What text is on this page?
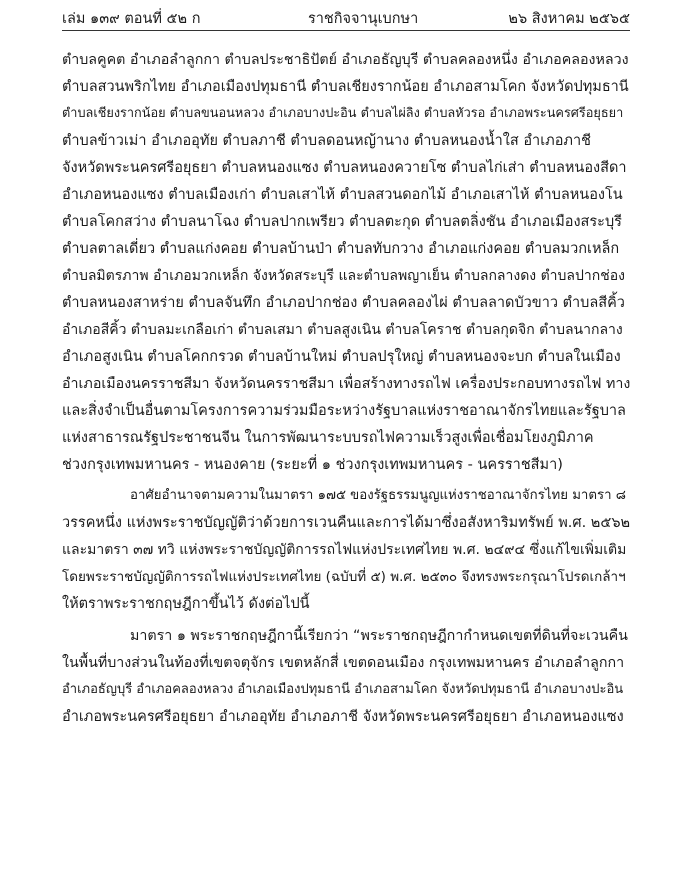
เล่ม ๑๓๙ ตอนที่ ๕๒ ก	ราชกิจจานุเบกษา	๒๖ สิงหาคม ๒๕๖๕
ตำบลคูคต อำเภอลำลูกกา ตำบลประชาธิปัตย์ อำเภอธัญบุรี ตำบลคลองหนึ่ง อำเภอคลองหลวง
ตำบลสวนพริกไทย อำเภอเมืองปทุมธานี ตำบลเชียงรากน้อย อำเภอสามโคก จังหวัดปทุมธานี
ตำบลเชียงรากน้อย ตำบลขนอนหลวง อำเภอบางปะอิน ตำบลไผ่ลิง ตำบลหัวรอ อำเภอพระนครศรีอยุธยา
ตำบลข้าวเม่า อำเภออุทัย ตำบลภาชี ตำบลดอนหญ้านาง ตำบลหนองน้ำใส อำเภอภาชี
จังหวัดพระนครศรีอยุธยา ตำบลหนองแซง ตำบลหนองควายโซ ตำบลไก่เส่า ตำบลหนองสีดา
อำเภอหนองแซง ตำบลเมืองเก่า ตำบลเสาไห้ ตำบลสวนดอกไม้ อำเภอเสาไห้ ตำบลหนองโน
ตำบลโคกสว่าง ตำบลนาโฉง ตำบลปากเพรียว ตำบลตะกุด ตำบลตลิ่งชัน อำเภอเมืองสระบุรี
ตำบลตาลเดี่ยว ตำบลแก่งคอย ตำบลบ้านป่า ตำบลทับกวาง อำเภอแก่งคอย ตำบลมวกเหล็ก
ตำบลมิตรภาพ อำเภอมวกเหล็ก จังหวัดสระบุรี และตำบลพญาเย็น ตำบลกลางดง ตำบลปากช่อง
ตำบลหนองสาหร่าย ตำบลจันทึก อำเภอปากช่อง ตำบลคลองไผ่ ตำบลลาดบัวขาว ตำบลสีคิ้ว
อำเภอสีคิ้ว ตำบลมะเกลือเก่า ตำบลเสมา ตำบลสูงเนิน ตำบลโคราช ตำบลกุดจิก ตำบลนากลาง
อำเภอสูงเนิน ตำบลโคกกรวด ตำบลบ้านใหม่ ตำบลปรุใหญ่ ตำบลหนองจะบก ตำบลในเมือง
อำเภอเมืองนครราชสีมา จังหวัดนครราชสีมา เพื่อสร้างทางรถไฟ เครื่องประกอบทางรถไฟ ทาง
และสิ่งจำเป็นอื่นตามโครงการความร่วมมือระหว่างรัฐบาลแห่งราชอาณาจักรไทยและรัฐบาล
แห่งสาธารณรัฐประชาชนจีน ในการพัฒนาระบบรถไฟความเร็วสูงเพื่อเชื่อมโยงภูมิภาค
ช่วงกรุงเทพมหานคร - หนองคาย (ระยะที่ ๑ ช่วงกรุงเทพมหานคร - นครราชสีมา)
อาศัยอำนาจตามความในมาตรา ๑๗๕ ของรัฐธรรมนูญแห่งราชอาณาจักรไทย มาตรา ๘
วรรคหนึ่ง แห่งพระราชบัญญัติว่าด้วยการเวนคืนและการได้มาซึ่งอสังหาริมทรัพย์ พ.ศ. ๒๕๖๒
และมาตรา ๓๗ ทวิ แห่งพระราชบัญญัติการรถไฟแห่งประเทศไทย พ.ศ. ๒๔๙๔ ซึ่งแก้ไขเพิ่มเติม
โดยพระราชบัญญัติการรถไฟแห่งประเทศไทย (ฉบับที่ ๕) พ.ศ. ๒๕๓๐ จึงทรงพระกรุณาโปรดเกล้าฯ
ให้ตราพระราชกฤษฎีกาขึ้นไว้ ดังต่อไปนี้
มาตรา ๑ พระราชกฤษฎีกานี้เรียกว่า “พระราชกฤษฎีกากำหนดเขตที่ดินที่จะเวนคืน
ในพื้นที่บางส่วนในท้องที่เขตจตุจักร เขตหลักสี่ เขตดอนเมือง กรุงเทพมหานคร อำเภอลำลูกกา
อำเภอธัญบุรี อำเภอคลองหลวง อำเภอเมืองปทุมธานี อำเภอสามโคก จังหวัดปทุมธานี อำเภอบางปะอิน
อำเภอพระนครศรีอยุธยา อำเภออุทัย อำเภอภาชี จังหวัดพระนครศรีอยุธยา อำเภอหนองแซง
